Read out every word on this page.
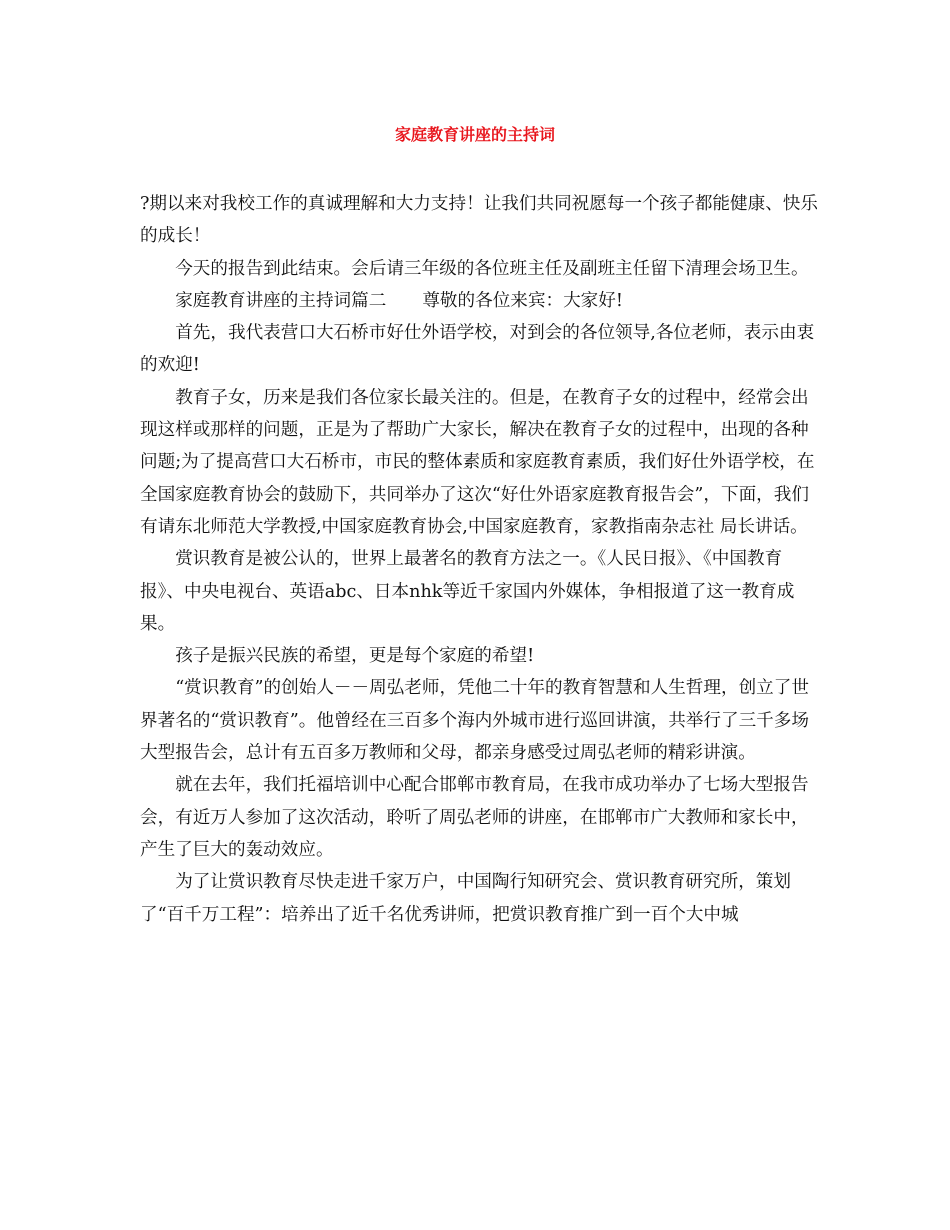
家庭教育讲座的主持词

?期以来对我校工作的真诚理解和大力支持！让我们共同祝愿每一个孩子都能健康、快乐的成长！

今天的报告到此结束。会后请三年级的各位班主任及副班主任留下清理会场卫生。

家庭教育讲座的主持词篇二 尊敬的各位来宾：大家好!

首先，我代表营口大石桥市好仕外语学校，对到会的各位领导,各位老师，表示由衷的欢迎!

教育子女，历来是我们各位家长最关注的。但是，在教育子女的过程中，经常会出现这样或那样的问题，正是为了帮助广大家长，解决在教育子女的过程中，出现的各种问题;为了提高营口大石桥市，市民的整体素质和家庭教育素质，我们好仕外语学校，在全国家庭教育协会的鼓励下，共同举办了这次“好仕外语家庭教育报告会”，下面，我们有请东北师范大学教授,中国家庭教育协会,中国家庭教育，家教指南杂志社 局长讲话。

赏识教育是被公认的，世界上最著名的教育方法之一。《人民日报》、《中国教育报》、中央电视台、英语abc、日本nhk等近千家国内外媒体，争相报道了这一教育成果。

孩子是振兴民族的希望，更是每个家庭的希望!

“赏识教育”的创始人－－周弘老师，凭他二十年的教育智慧和人生哲理，创立了世界著名的“赏识教育”。他曾经在三百多个海内外城市进行巡回讲演，共举行了三千多场大型报告会，总计有五百多万教师和父母，都亲身感受过周弘老师的精彩讲演。

就在去年，我们托福培训中心配合邯郸市教育局，在我市成功举办了七场大型报告会，有近万人参加了这次活动，聆听了周弘老师的讲座，在邯郸市广大教师和家长中，产生了巨大的轰动效应。

为了让赏识教育尽快走进千家万户，中国陶行知研究会、赏识教育研究所，策划了“百千万工程”：培养出了近千名优秀讲师，把赏识教育推广到一百个大中城
